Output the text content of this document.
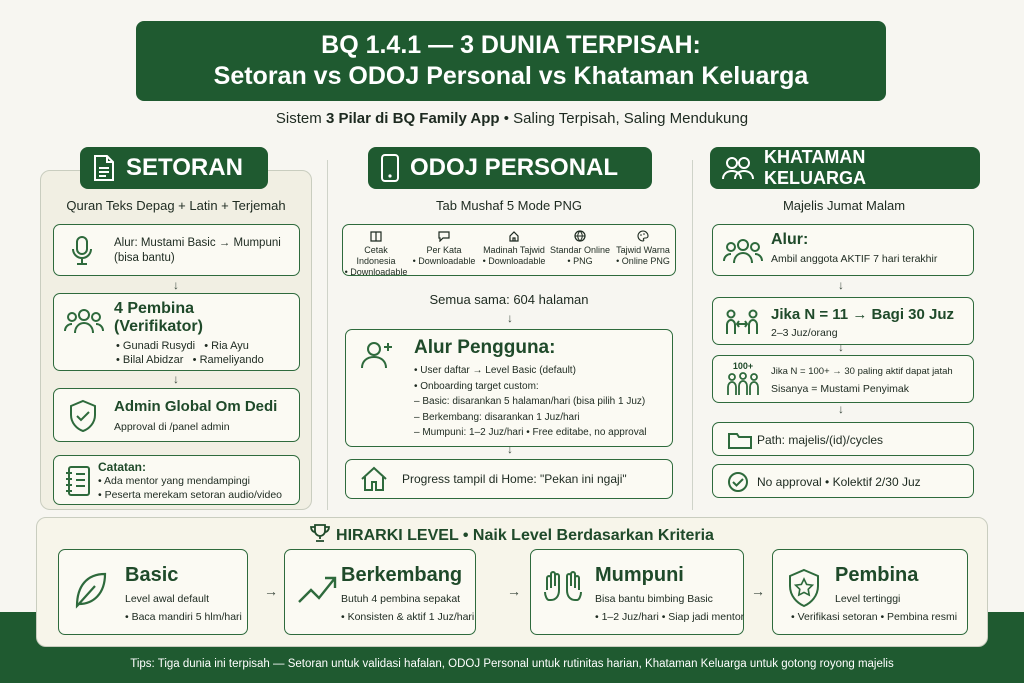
BQ 1.4.1 — 3 DUNIA TERPISAH:
Setoran vs ODOJ Personal vs Khataman Keluarga
Sistem 3 Pilar di BQ Family App • Saling Terpisah, Saling Mendukung
SETORAN
Quran Teks Depag + Latin + Terjemah
Alur: Mustami Basic → Mumpuni (bisa bantu)
↓
4 Pembina (Verifikator)
• Gunadi Rusydi • Ria Ayu
• Bilal Abidzar • Rameliyando
↓
Admin Global Om Dedi
Approval di /panel admin
Catatan:
• Ada mentor yang mendampingi
• Peserta merekam setoran audio/video
ODOJ PERSONAL
Tab Mushaf 5 Mode PNG
Cetak Indonesia
• Downloadable
Per Kata
• Downloadable
Madinah Tajwid
• Downloadable
Standar Online
• PNG
Tajwid Warna
• Online PNG
Semua sama: 604 halaman
↓
Alur Pengguna:
• User daftar → Level Basic (default)
• Onboarding target custom:
– Basic: disarankan 5 halaman/hari (bisa pilih 1 Juz)
– Berkembang: disarankan 1 Juz/hari
– Mumpuni: 1–2 Juz/hari • Free editabe, no approval
↓
Progress tampil di Home: "Pekan ini ngaji"
KHATAMAN KELUARGA
Majelis Jumat Malam
Alur:
Ambil anggota AKTIF 7 hari terakhir
↓
Jika N = 11 → Bagi 30 Juz
2–3 Juz/orang
↓
100+	Jika N = 100+ → 30 paling aktif dapat jatah
Sisanya = Mustami Penyimak
↓
Path: majelis/(id)/cycles
No approval • Kolektif 2/30 Juz
HIRARKI LEVEL • Naik Level Berdasarkan Kriteria
Basic
Level awal default
• Baca mandiri 5 hlm/hari
→
Berkembang
Butuh 4 pembina sepakat
• Konsisten & aktif 1 Juz/hari
→
Mumpuni
Bisa bantu bimbing Basic
• 1–2 Juz/hari • Siap jadi mentor
→
Pembina
Level tertinggi
• Verifikasi setoran • Pembina resmi
Tips: Tiga dunia ini terpisah — Setoran untuk validasi hafalan, ODOJ Personal untuk rutinitas harian, Khataman Keluarga untuk gotong royong majelis
